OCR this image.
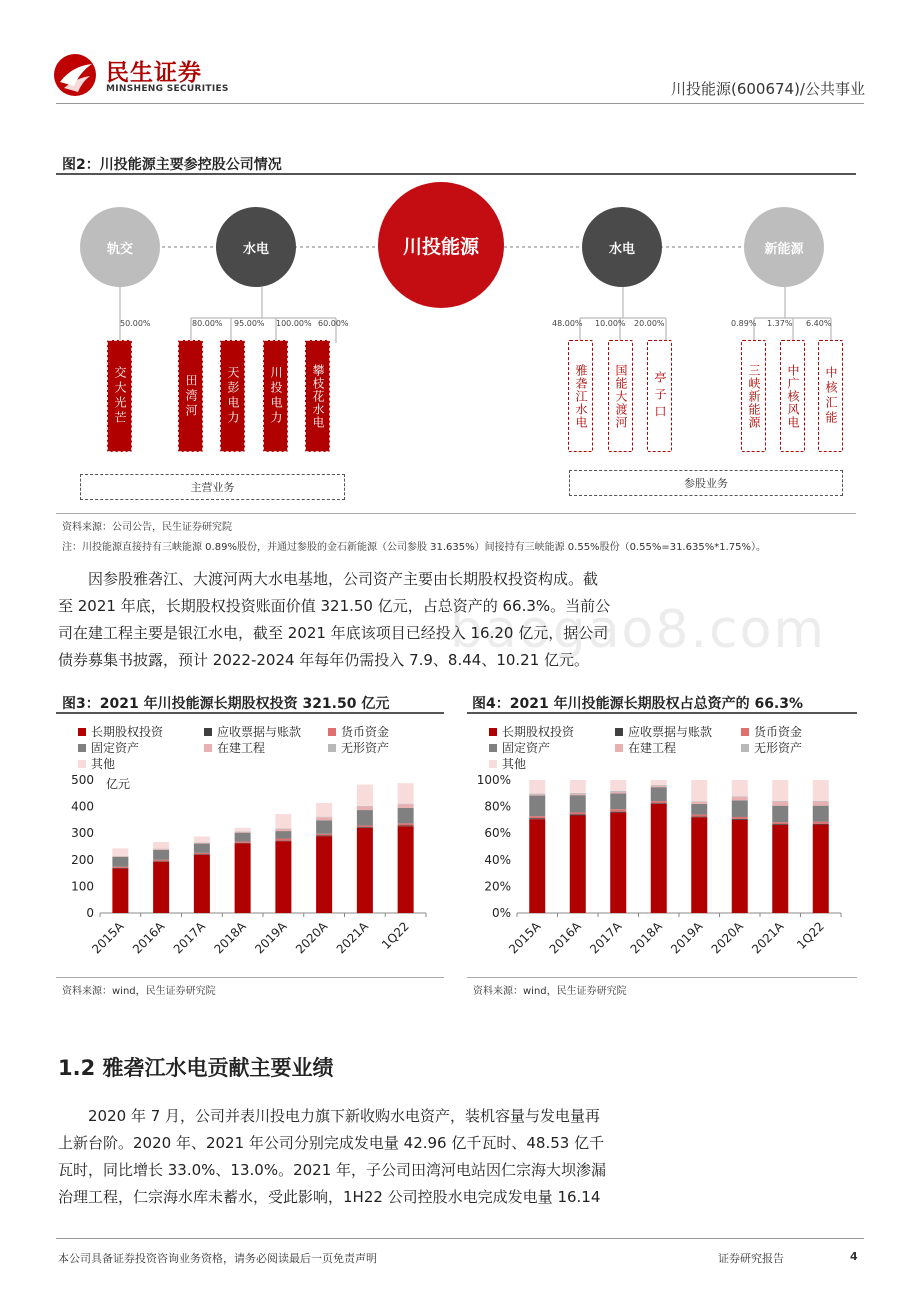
民生证券
MINSHENG SECURITIES	川投能源(600674)/公共事业
图2：川投能源主要参控股公司情况
轨交	水电	川投能源	水电	新能源
50.00%	80.00% 95.00% 100.00% 60.00%
交大光芒	田湾河 天彭电力 川投电力 攀枝花水电
48.00% 10.00% 20.00%	0.89% 1.37% 6.40%
雅砻江水电 国能大渡河 亭子口	三峡新能源 中广核风电 中核汇能
主营业务	参股业务
资料来源：公司公告，民生证券研究院
注：川投能源直接持有三峡能源 0.89%股份，并通过参股的金石新能源（公司参股 31.635%）间接持有三峡能源 0.55%股份（0.55%=31.635%*1.75%）。
baogao8.com
因参股雅砻江、大渡河两大水电基地，公司资产主要由长期股权投资构成。截
至 2021 年底，长期股权投资账面价值 321.50 亿元，占总资产的 66.3%。当前公
司在建工程主要是银江水电，截至 2021 年底该项目已经投入 16.20 亿元，据公司
债券募集书披露，预计 2022-2024 年每年仍需投入 7.9、8.44、10.21 亿元。
图3：2021 年川投能源长期股权投资 321.50 亿元
长期股权投资	应收票据与账款	货币资金
固定资产	在建工程	无形资产
其他
0
100
200
300
400
500 亿元
2015A 2016A 2017A 2018A 2019A 2020A 2021A 1Q22
资料来源：wind，民生证券研究院
图4：2021 年川投能源长期股权占总资产的 66.3%
长期股权投资	应收票据与账款	货币资金
固定资产	在建工程	无形资产
其他
0%
20%
40%
60%
80%
100%
2015A 2016A 2017A 2018A 2019A 2020A 2021A 1Q22
资料来源：wind，民生证券研究院
1.2 雅砻江水电贡献主要业绩
2020 年 7 月，公司并表川投电力旗下新收购水电资产，装机容量与发电量再
上新台阶。2020 年、2021 年公司分别完成发电量 42.96 亿千瓦时、48.53 亿千
瓦时，同比增长 33.0%、13.0%。2021 年，子公司田湾河电站因仁宗海大坝渗漏
治理工程，仁宗海水库未蓄水，受此影响，1H22 公司控股水电完成发电量 16.14
本公司具备证券投资咨询业务资格，请务必阅读最后一页免责声明	证券研究报告	4
